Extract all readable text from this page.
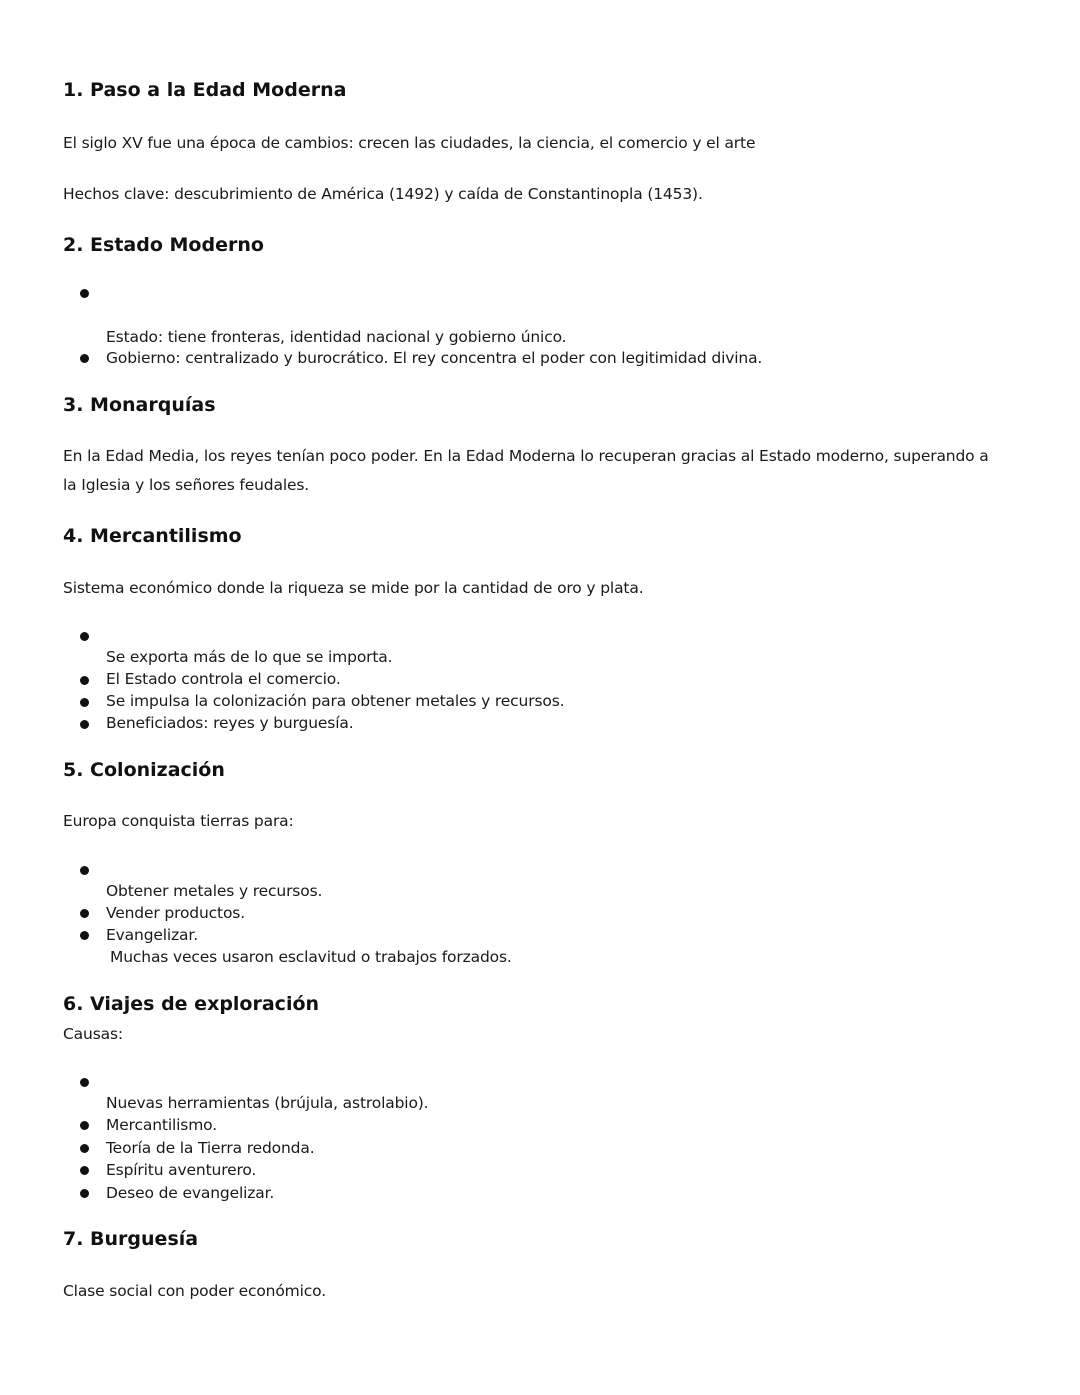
1. Paso a la Edad Moderna

El siglo XV fue una época de cambios: crecen las ciudades, la ciencia, el comercio y el arte

Hechos clave: descubrimiento de América (1492) y caída de Constantinopla (1453).

2. Estado Moderno

Estado: tiene fronteras, identidad nacional y gobierno único.

Gobierno: centralizado y burocrático. El rey concentra el poder con legitimidad divina.

3. Monarquías

En la Edad Media, los reyes tenían poco poder. En la Edad Moderna lo recuperan gracias al Estado moderno, superando a la Iglesia y los señores feudales.

4. Mercantilismo

Sistema económico donde la riqueza se mide por la cantidad de oro y plata.

Se exporta más de lo que se importa.

El Estado controla el comercio.

Se impulsa la colonización para obtener metales y recursos.

Beneficiados: reyes y burguesía.

5. Colonización

Europa conquista tierras para:

Obtener metales y recursos.

Vender productos.

Evangelizar.

Muchas veces usaron esclavitud o trabajos forzados.

6. Viajes de exploración

Causas:

Nuevas herramientas (brújula, astrolabio).

Mercantilismo.

Teoría de la Tierra redonda.

Espíritu aventurero.

Deseo de evangelizar.

7. Burguesía

Clase social con poder económico.
